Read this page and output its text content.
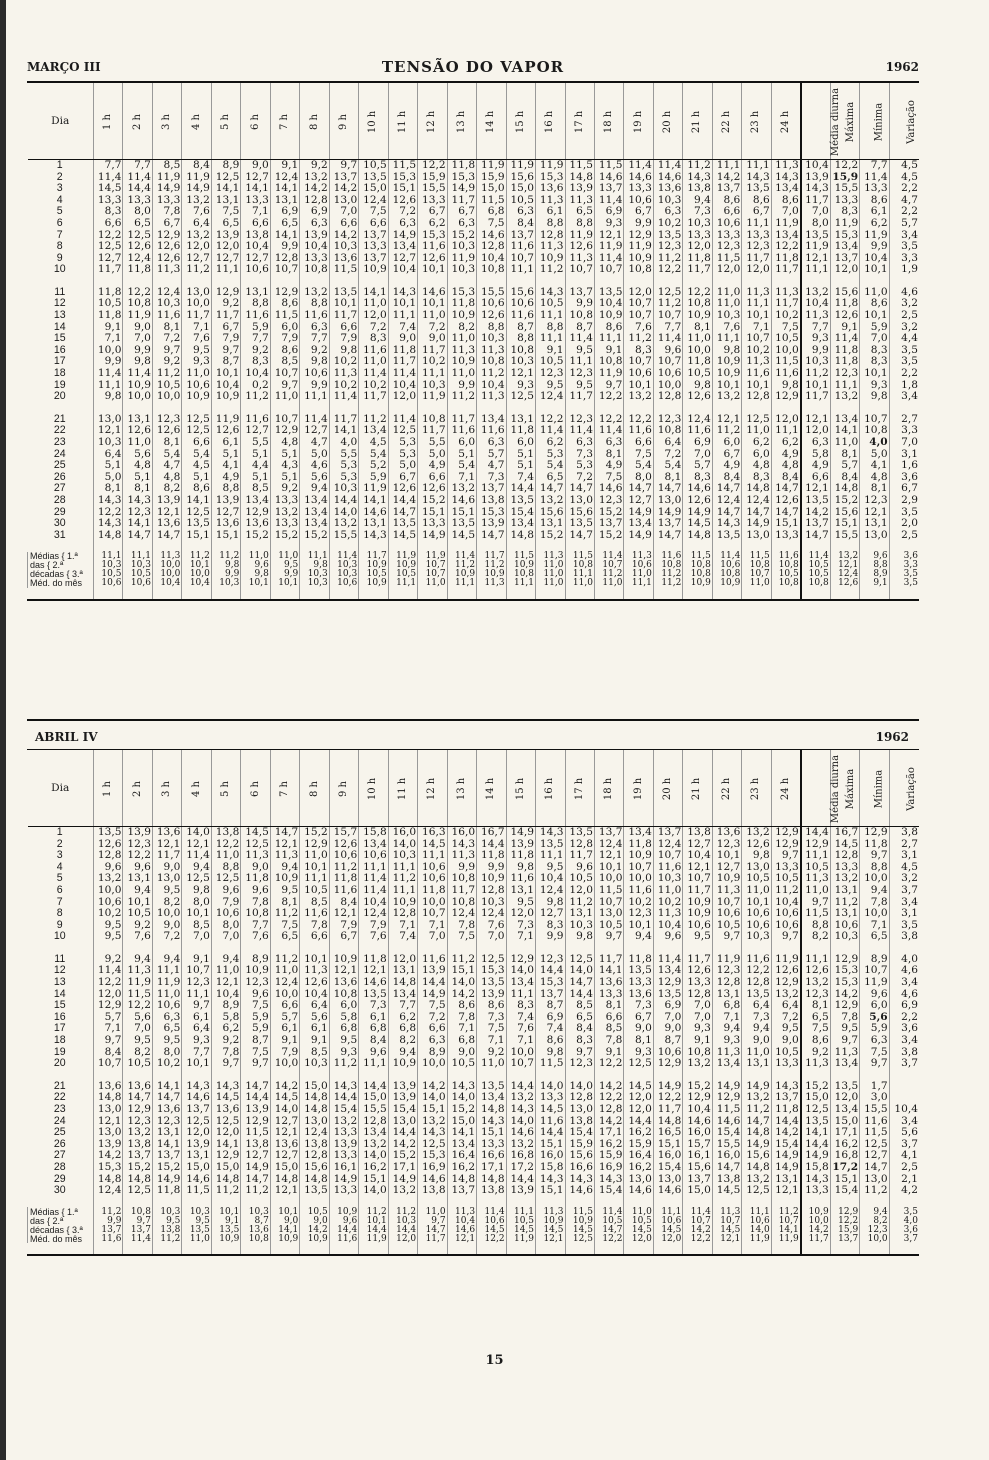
MARÇO III	TENSÃO DO VAPOR	1962
Dia	1 h	2 h	3 h	4 h	5 h	6 h	7 h	8 h	9 h	10 h	11 h	12 h	13 h	14 h	15 h	16 h	17 h	18 h	19 h	20 h	21 h	22 h	23 h	24 h	Média diurna	Máxima	Mínima	Variação
1	7,7	7,7	8,5	8,4	8,9	9,0	9,1	9,2	9,7	10,5	11,5	12,2	11,8	11,9	11,9	11,9	11,5	11,5	11,4	11,4	11,2	11,1	11,1	11,3	10,4	12,2	7,7	4,5
2	11,4	11,4	11,9	11,9	12,5	12,7	12,4	13,2	13,7	13,5	15,3	15,9	15,3	15,9	15,6	15,3	14,8	14,6	14,6	14,6	14,3	14,2	14,3	14,3	13,9	15,9	11,4	4,5
3	14,5	14,4	14,9	14,9	14,1	14,1	14,1	14,2	14,2	15,0	15,1	15,5	14,9	15,0	15,0	13,6	13,9	13,7	13,3	13,6	13,8	13,7	13,5	13,4	14,3	15,5	13,3	2,2
4	13,3	13,3	13,3	13,2	13,1	13,3	13,1	12,8	13,0	12,4	12,6	13,3	11,7	11,5	10,5	11,3	11,3	11,4	10,6	10,3	9,4	8,6	8,6	8,6	11,7	13,3	8,6	4,7
5	8,3	8,0	7,8	7,6	7,5	7,1	6,9	6,9	7,0	7,5	7,2	6,7	6,7	6,8	6,3	6,1	6,5	6,9	6,7	6,3	7,3	6,6	6,7	7,0	7,0	8,3	6,1	2,2
6	6,6	6,5	6,7	6,4	6,5	6,6	6,5	6,3	6,6	6,6	6,3	6,2	6,3	7,5	8,4	8,8	8,8	9,3	9,9	10,2	10,3	10,6	11,1	11,9	8,0	11,9	6,2	5,7
7	12,2	12,5	12,9	13,2	13,9	13,8	14,1	13,9	14,2	13,7	14,9	15,3	15,2	14,6	13,7	12,8	11,9	12,1	12,9	13,5	13,3	13,3	13,3	13,4	13,5	15,3	11,9	3,4
8	12,5	12,6	12,6	12,0	12,0	10,4	9,9	10,4	10,3	13,3	13,4	11,6	10,3	12,8	11,6	11,3	12,6	11,9	11,9	12,3	12,0	12,3	12,3	12,2	11,9	13,4	9,9	3,5
9	12,7	12,4	12,6	12,7	12,7	12,7	12,8	13,3	13,6	13,7	12,7	12,6	11,9	10,4	10,7	10,9	11,3	11,4	10,9	11,2	11,8	11,5	11,7	11,8	12,1	13,7	10,4	3,3
10	11,7	11,8	11,3	11,2	11,1	10,6	10,7	10,8	11,5	10,9	10,4	10,1	10,3	10,8	11,1	11,2	10,7	10,7	10,8	12,2	11,7	12,0	12,0	11,7	11,1	12,0	10,1	1,9

11	11,8	12,2	12,4	13,0	12,9	13,1	12,9	13,2	13,5	14,1	14,3	14,6	15,3	15,5	15,6	14,3	13,7	13,5	12,0	12,5	12,2	11,0	11,3	11,3	13,2	15,6	11,0	4,6
12	10,5	10,8	10,3	10,0	9,2	8,8	8,6	8,8	10,1	11,0	10,1	10,1	11,8	10,6	10,6	10,5	9,9	10,4	10,7	11,2	10,8	11,0	11,1	11,7	10,4	11,8	8,6	3,2
13	11,8	11,9	11,6	11,7	11,7	11,6	11,5	11,6	11,7	12,0	11,1	11,0	10,9	12,6	11,6	11,1	10,8	10,9	10,7	10,7	10,9	10,3	10,1	10,2	11,3	12,6	10,1	2,5
14	9,1	9,0	8,1	7,1	6,7	5,9	6,0	6,3	6,6	7,2	7,4	7,2	8,2	8,8	8,7	8,8	8,7	8,6	7,6	7,7	8,1	7,6	7,1	7,5	7,7	9,1	5,9	3,2
15	7,1	7,0	7,2	7,6	7,9	7,7	7,9	7,7	7,9	8,3	9,0	9,0	11,0	10,3	8,8	11,1	11,4	11,1	11,2	11,4	11,0	11,1	10,7	10,5	9,3	11,4	7,0	4,4
16	10,0	9,9	9,7	9,5	9,7	9,2	8,6	9,2	9,8	11,6	11,8	11,7	11,3	11,3	10,8	9,1	9,5	9,1	8,3	9,6	10,0	9,8	10,2	10,0	9,9	11,8	8,3	3,5
17	9,9	9,8	9,2	9,3	8,7	8,3	8,5	9,8	10,2	11,0	11,7	10,2	10,9	10,8	10,3	10,5	11,1	10,8	10,7	10,7	11,8	10,9	11,3	11,5	10,3	11,8	8,3	3,5
18	11,4	11,4	11,2	11,0	10,1	10,4	10,7	10,6	11,3	11,4	11,4	11,1	11,0	11,2	12,1	12,3	12,3	11,9	10,6	10,6	10,5	10,9	11,6	11,6	11,2	12,3	10,1	2,2
19	11,1	10,9	10,5	10,6	10,4	0,2	9,7	9,9	10,2	10,2	10,4	10,3	9,9	10,4	9,3	9,5	9,5	9,7	10,1	10,0	9,8	10,1	10,1	9,8	10,1	11,1	9,3	1,8
20	9,8	10,0	10,0	10,9	10,9	11,2	11,0	11,1	11,4	11,7	12,0	11,9	11,2	11,3	12,5	12,4	11,7	12,2	13,2	12,8	12,6	13,2	12,8	12,9	11,7	13,2	9,8	3,4

21	13,0	13,1	12,3	12,5	11,9	11,6	10,7	11,4	11,7	11,2	11,4	10,8	11,7	13,4	13,1	12,2	12,3	12,2	12,2	12,3	12,4	12,1	12,5	12,0	12,1	13,4	10,7	2,7
22	12,1	12,6	12,6	12,5	12,6	12,7	12,9	12,7	14,1	13,4	12,5	11,7	11,6	11,6	11,8	11,4	11,4	11,4	11,6	10,8	11,6	11,2	11,0	11,1	12,0	14,1	10,8	3,3
23	10,3	11,0	8,1	6,6	6,1	5,5	4,8	4,7	4,0	4,5	5,3	5,5	6,0	6,3	6,0	6,2	6,3	6,3	6,6	6,4	6,9	6,0	6,2	6,2	6,3	11,0	4,0	7,0
24	6,4	5,6	5,4	5,4	5,1	5,1	5,1	5,0	5,5	5,4	5,3	5,0	5,1	5,7	5,1	5,3	7,3	8,1	7,5	7,2	7,0	6,7	6,0	4,9	5,8	8,1	5,0	3,1
25	5,1	4,8	4,7	4,5	4,1	4,4	4,3	4,6	5,3	5,2	5,0	4,9	5,4	4,7	5,1	5,4	5,3	4,9	5,4	5,4	5,7	4,9	4,8	4,8	4,9	5,7	4,1	1,6
26	5,0	5,1	4,8	5,1	4,9	5,1	5,1	5,6	5,3	5,9	6,7	6,6	7,1	7,3	7,4	6,5	7,2	7,5	8,0	8,1	8,3	8,4	8,3	8,4	6,6	8,4	4,8	3,6
27	8,1	8,1	8,2	8,6	8,8	8,5	9,2	9,4	10,3	11,9	12,6	12,6	13,2	13,7	14,4	14,7	14,7	14,6	14,7	14,7	14,6	14,7	14,8	14,7	12,1	14,8	8,1	6,7
28	14,3	14,3	13,9	14,1	13,9	13,4	13,3	13,4	14,4	14,1	14,4	15,2	14,6	13,8	13,5	13,2	13,0	12,3	12,7	13,0	12,6	12,4	12,4	12,6	13,5	15,2	12,3	2,9
29	12,2	12,3	12,1	12,5	12,7	12,9	13,2	13,4	14,0	14,6	14,7	15,1	15,1	15,3	15,4	15,6	15,6	15,2	14,9	14,9	14,9	14,7	14,7	14,7	14,2	15,6	12,1	3,5
30	14,3	14,1	13,6	13,5	13,6	13,6	13,3	13,4	13,2	13,1	13,5	13,3	13,5	13,9	13,4	13,1	13,5	13,7	13,4	13,7	14,5	14,3	14,9	15,1	13,7	15,1	13,1	2,0
31	14,8	14,7	14,7	15,1	15,1	15,2	15,2	15,2	15,5	14,3	14,5	14,9	14,5	14,7	14,8	15,2	14,7	15,2	14,9	14,7	14,8	13,5	13,0	13,3	14,7	15,5	13,0	2,5

Médias { 1.ª	11,1	11,1	11,3	11,2	11,2	11,0	11,0	11,1	11,4	11,7	11,9	11,9	11,4	11,7	11,5	11,3	11,5	11,4	11,3	11,6	11,5	11,4	11,5	11,6	11,4	13,2	9,6	3,6
das { 2.ª	10,3	10,3	10,0	10,1	9,8	9,6	9,5	9,8	10,3	10,9	10,9	10,7	11,2	11,2	10,9	11,0	10,8	10,7	10,6	10,8	10,8	10,6	10,8	10,8	10,5	12,1	8,8	3,3
décadas { 3.ª	10,5	10,5	10,0	10,0	9,9	9,8	9,9	10,3	10,3	10,5	10,5	10,7	10,9	10,9	10,8	11,0	11,1	11,2	11,0	11,2	10,8	10,8	10,7	10,5	10,5	12,4	8,9	3,5
Méd. do mês	10,6	10,6	10,4	10,4	10,3	10,1	10,1	10,3	10,6	10,9	11,1	11,0	11,1	11,3	11,1	11,0	11,0	11,0	11,1	11,2	10,9	10,9	11,0	10,8	10,8	12,6	9,1	3,5

ABRIL IV	1962
Dia	1 h	2 h	3 h	4 h	5 h	6 h	7 h	8 h	9 h	10 h	11 h	12 h	13 h	14 h	15 h	16 h	17 h	18 h	19 h	20 h	21 h	22 h	23 h	24 h	Média diurna	Máxima	Mínima	Variação
1	13,5	13,9	13,6	14,0	13,8	14,5	14,7	15,2	15,7	15,8	16,0	16,3	16,0	16,7	14,9	14,3	13,5	13,7	13,4	13,7	13,8	13,6	13,2	12,9	14,4	16,7	12,9	3,8
2	12,6	12,3	12,1	12,1	12,2	12,5	12,1	12,9	12,6	13,4	14,0	14,5	14,3	14,4	13,9	13,5	12,8	12,4	11,8	12,4	12,7	12,3	12,6	12,9	12,9	14,5	11,8	2,7
3	12,8	12,2	11,7	11,4	11,0	11,3	11,3	11,0	10,6	10,6	10,3	11,1	11,3	11,8	11,8	11,1	11,7	12,1	10,9	10,7	10,4	10,1	9,8	9,7	11,1	12,8	9,7	3,1
4	9,6	9,6	9,0	9,4	8,8	9,0	9,4	10,1	11,2	11,1	11,1	10,6	9,9	9,9	9,8	9,5	9,6	10,1	10,7	11,6	12,1	12,7	13,0	13,3	10,5	13,3	8,8	4,5
5	13,2	13,1	13,0	12,5	12,5	11,8	10,9	11,1	11,8	11,4	11,2	10,6	10,8	10,9	11,6	10,4	10,5	10,0	10,0	10,3	10,7	10,9	10,5	10,5	11,3	13,2	10,0	3,2
6	10,0	9,4	9,5	9,8	9,6	9,6	9,5	10,5	11,6	11,4	11,1	11,8	11,7	12,8	13,1	12,4	12,0	11,5	11,6	11,0	11,7	11,3	11,0	11,2	11,0	13,1	9,4	3,7
7	10,6	10,1	8,2	8,0	7,9	7,8	8,1	8,5	8,4	10,4	10,9	10,0	10,8	10,3	9,5	9,8	11,2	10,7	10,2	10,2	10,9	10,7	10,1	10,4	9,7	11,2	7,8	3,4
8	10,2	10,5	10,0	10,1	10,6	10,8	11,2	11,6	12,1	12,4	12,8	10,7	12,4	12,4	12,0	12,7	13,1	13,0	12,3	11,3	10,9	10,6	10,6	10,6	11,5	13,1	10,0	3,1
9	9,5	9,2	9,0	8,5	8,0	7,7	7,5	7,8	7,9	7,9	7,1	7,1	7,8	7,6	7,3	8,3	10,3	10,5	10,1	10,4	10,6	10,5	10,6	10,6	8,8	10,6	7,1	3,5
10	9,5	7,6	7,2	7,0	7,0	7,6	6,5	6,6	6,7	7,6	7,4	7,0	7,5	7,0	7,1	9,9	9,8	9,7	9,4	9,6	9,5	9,7	10,3	9,7	8,2	10,3	6,5	3,8

11	9,2	9,4	9,4	9,1	9,4	8,9	11,2	10,1	10,9	11,8	12,0	11,6	11,2	12,5	12,9	12,3	12,5	11,7	11,8	11,4	11,7	11,9	11,6	11,9	11,1	12,9	8,9	4,0
12	11,4	11,3	11,1	10,7	11,0	10,9	11,0	11,3	12,1	12,1	13,1	13,9	15,1	15,3	14,0	14,4	14,0	14,1	13,5	13,4	12,6	12,3	12,2	12,6	12,6	15,3	10,7	4,6
13	12,2	11,9	11,9	12,3	12,1	12,3	12,4	12,6	13,6	14,6	14,8	14,4	14,0	13,5	13,4	15,3	14,7	13,6	13,3	12,9	13,3	12,8	12,8	12,9	13,2	15,3	11,9	3,4
14	12,0	11,5	11,0	11,1	10,4	9,6	10,0	10,4	10,8	13,5	13,4	14,9	14,2	13,9	11,1	13,7	14,4	13,3	13,6	13,5	12,8	13,1	13,5	13,2	12,3	14,2	9,6	4,6
15	12,9	12,2	10,6	9,7	8,9	7,5	6,6	6,4	6,0	7,3	7,7	7,5	8,6	8,6	8,3	8,7	8,5	8,1	7,3	6,9	7,0	6,8	6,4	6,4	8,1	12,9	6,0	6,9
16	5,7	5,6	6,3	6,1	5,8	5,9	5,7	5,6	5,8	6,1	6,2	7,2	7,8	7,3	7,4	6,9	6,5	6,6	6,7	7,0	7,0	7,1	7,3	7,2	6,5	7,8	5,6	2,2
17	7,1	7,0	6,5	6,4	6,2	5,9	6,1	6,1	6,8	6,8	6,8	6,6	7,1	7,5	7,6	7,4	8,4	8,5	9,0	9,0	9,3	9,4	9,4	9,5	7,5	9,5	5,9	3,6
18	9,7	9,5	9,5	9,3	9,2	8,7	9,1	9,1	9,5	8,4	8,2	6,3	6,8	7,1	7,1	8,6	8,3	7,8	8,1	8,7	9,1	9,3	9,0	9,0	8,6	9,7	6,3	3,4
19	8,4	8,2	8,0	7,7	7,8	7,5	7,9	8,5	9,3	9,6	9,4	8,9	9,0	9,2	10,0	9,8	9,7	9,1	9,3	10,6	10,8	11,3	11,0	10,5	9,2	11,3	7,5	3,8
20	10,7	10,5	10,2	10,1	9,7	9,7	10,0	10,3	11,2	11,1	10,9	10,0	10,5	11,0	10,7	11,5	12,3	12,2	12,5	12,9	13,2	13,4	13,1	13,3	11,3	13,4	9,7	3,7

21	13,6	13,6	14,1	14,3	14,3	14,7	14,2	15,0	14,3	14,4	13,9	14,2	14,3	13,5	14,4	14,0	14,0	14,2	14,5	14,9	15,2	14,9	14,9	14,3	15,2	13,5	1,7	
22	14,8	14,7	14,7	14,6	14,5	14,4	14,5	14,8	14,4	15,0	13,9	14,0	14,0	13,4	13,2	13,3	12,8	12,2	12,0	12,2	12,9	12,9	13,2	13,7	15,0	12,0	3,0	
23	13,0	12,9	13,6	13,7	13,6	13,9	14,0	14,8	15,4	15,5	15,4	15,1	15,2	14,8	14,3	14,5	13,0	12,8	12,0	11,7	10,4	11,5	11,2	11,8	12,5	13,4	15,5	10,4
24	12,1	12,3	12,3	12,5	12,5	12,9	12,7	13,0	13,2	12,8	13,0	13,2	15,0	14,3	14,0	11,6	13,8	14,2	14,4	14,8	14,6	14,6	14,7	14,4	13,5	15,0	11,6	3,4
25	13,0	13,2	13,1	12,0	12,0	11,5	12,1	12,4	13,3	13,4	14,4	14,3	14,1	15,1	14,6	14,4	15,4	17,1	16,2	16,5	16,0	15,4	14,8	14,2	14,1	17,1	11,5	5,6
26	13,9	13,8	14,1	13,9	14,1	13,8	13,6	13,8	13,9	13,2	14,2	12,5	13,4	13,3	13,2	15,1	15,9	16,2	15,9	15,1	15,7	15,5	14,9	15,4	14,4	16,2	12,5	3,7
27	14,2	13,7	13,7	13,1	12,9	12,7	12,7	12,8	13,3	14,0	15,2	15,3	16,4	16,6	16,8	16,0	15,6	15,9	16,4	16,0	16,1	16,0	15,6	14,9	14,9	16,8	12,7	4,1
28	15,3	15,2	15,2	15,0	15,0	14,9	15,0	15,6	16,1	16,2	17,1	16,9	16,2	17,1	17,2	15,8	16,6	16,9	16,2	15,4	15,6	14,7	14,8	14,9	15,8	17,2	14,7	2,5
29	14,8	14,8	14,9	14,6	14,8	14,7	14,8	14,8	14,9	15,1	14,9	14,6	14,8	14,8	14,4	14,3	14,3	14,3	13,0	13,0	13,7	13,8	13,2	13,1	14,3	15,1	13,0	2,1
30	12,4	12,5	11,8	11,5	11,2	11,2	12,1	13,5	13,3	14,0	13,2	13,8	13,7	13,8	13,9	15,1	14,6	15,4	14,6	14,6	15,0	14,5	12,5	12,1	13,3	15,4	11,2	4,2

Médias { 1.ª	11,2	10,8	10,3	10,3	10,1	10,3	10,1	10,5	10,9	11,2	11,2	11,0	11,3	11,4	11,1	11,3	11,5	11,4	11,0	11,1	11,4	11,3	11,1	11,2	10,9	12,9	9,4	3,5
das { 2.ª	9,9	9,7	9,5	9,5	9,1	8,7	9,0	9,0	9,6	10,1	10,3	9,7	10,4	10,6	10,5	10,9	10,9	10,5	10,5	10,6	10,7	10,7	10,6	10,7	10,0	12,2	8,2	4,0
décadas { 3.ª	13,7	13,7	13,8	13,5	13,5	13,6	14,1	14,2	14,4	14,4	14,4	14,7	14,6	14,5	14,5	14,5	14,5	14,7	14,5	14,5	14,2	14,5	14,0	14,1	14,2	15,9	12,3	3,6
Méd. do mês	11,6	11,4	11,2	11,0	10,9	10,8	10,9	10,9	11,6	11,9	12,0	11,7	12,1	12,2	11,9	12,1	12,5	12,2	12,0	12,0	12,2	12,1	11,9	11,9	11,7	13,7	10,0	3,7

15
